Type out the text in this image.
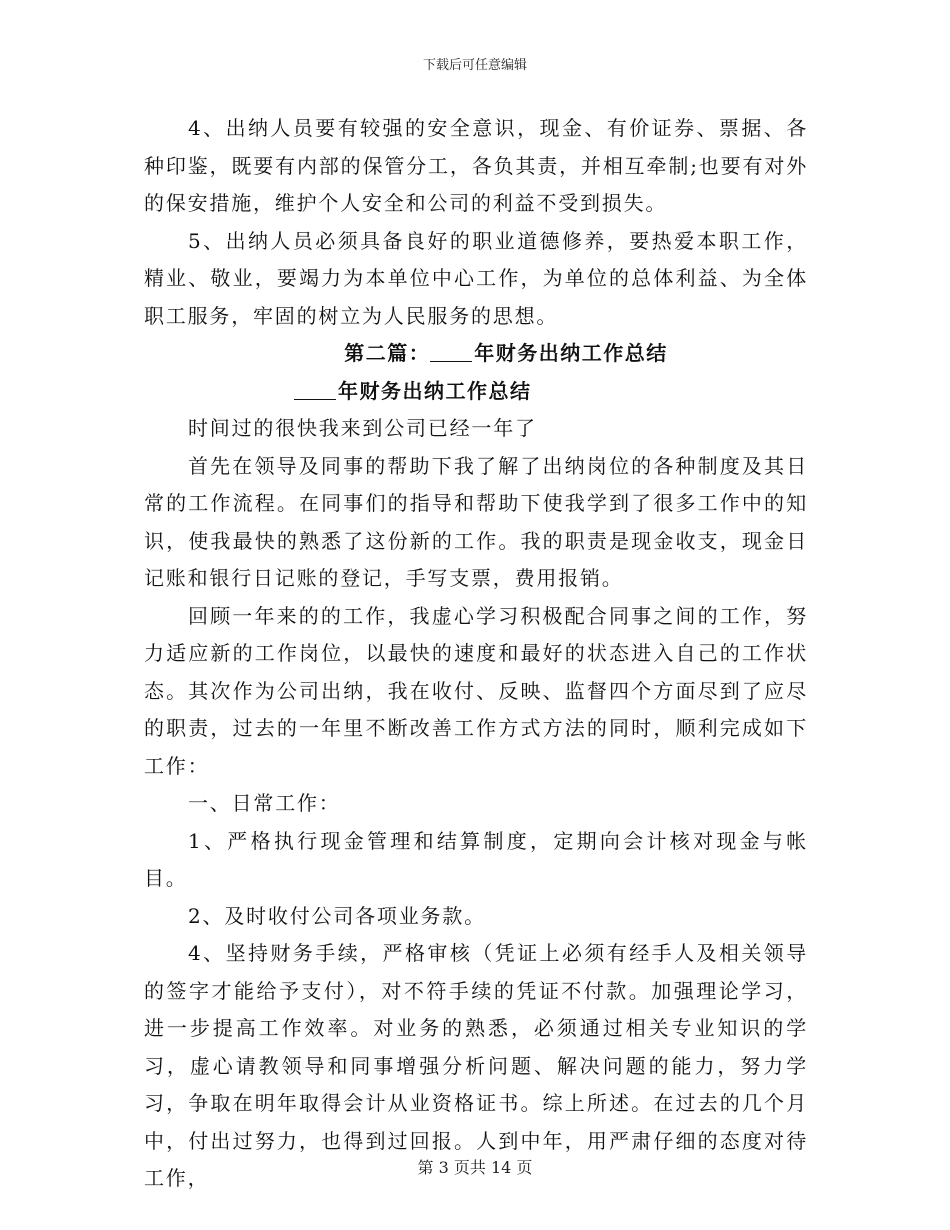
下载后可任意编辑

4、出纳人员要有较强的安全意识，现金、有价证券、票据、各种印鉴，既要有内部的保管分工，各负其责，并相互牵制;也要有对外的保安措施，维护个人安全和公司的利益不受到损失。

5、出纳人员必须具备良好的职业道德修养，要热爱本职工作，精业、敬业，要竭力为本单位中心工作，为单位的总体利益、为全体职工服务，牢固的树立为人民服务的思想。

第二篇： 年财务出纳工作总结

年财务出纳工作总结

时间过的很快我来到公司已经一年了

首先在领导及同事的帮助下我了解了出纳岗位的各种制度及其日常的工作流程。在同事们的指导和帮助下使我学到了很多工作中的知识，使我最快的熟悉了这份新的工作。我的职责是现金收支，现金日记账和银行日记账的登记，手写支票，费用报销。

回顾一年来的的工作，我虚心学习积极配合同事之间的工作，努力适应新的工作岗位，以最快的速度和最好的状态进入自己的工作状态。其次作为公司出纳，我在收付、反映、监督四个方面尽到了应尽的职责，过去的一年里不断改善工作方式方法的同时，顺利完成如下工作：

一、日常工作：

1、严格执行现金管理和结算制度，定期向会计核对现金与帐目。

2、及时收付公司各项业务款。

4、坚持财务手续，严格审核（凭证上必须有经手人及相关领导的签字才能给予支付），对不符手续的凭证不付款。加强理论学习，进一步提高工作效率。对业务的熟悉，必须通过相关专业知识的学习，虚心请教领导和同事增强分析问题、解决问题的能力，努力学习，争取在明年取得会计从业资格证书。综上所述。在过去的几个月中，付出过努力，也得到过回报。人到中年，用严肃仔细的态度对待工作，	第 3 页共 14 页
